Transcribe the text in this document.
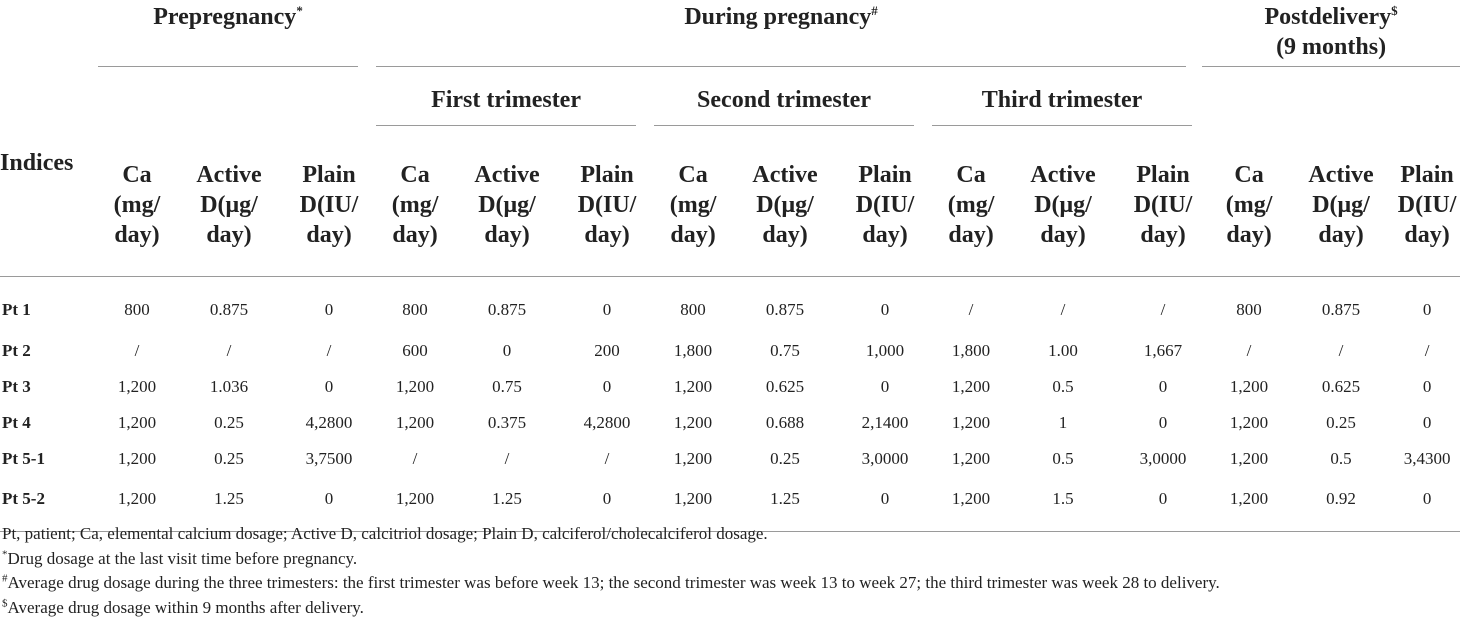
	Prepregnancy*			During pregnancy# Postdelivery$
(9 months)											

				First trimester			Second trimester			Third trimester					

Indices	Ca
(mg/
day)	Active
D(μg/
day)	Plain
D(IU/
day)	Ca
(mg/
day)	Active
D(μg/
day)	Plain
D(IU/
day)	Ca
(mg/
day)	Active
D(μg/
day)	Plain
D(IU/
day)	Ca
(mg/
day)	Active
D(μg/
day)	Plain
D(IU/
day)	Ca
(mg/
day)	Active
D(μg/
day)	Plain
D(IU/
day)

Pt 1	800	0.875	0	800	0.875	0	800	0.875	0	/	/	/	800	0.875	0
Pt 2	/	/	/	600	0	200	1,800	0.75	1,000	1,800	1.00	1,667	/	/	/
Pt 3	1,200	1.036	0	1,200	0.75	0	1,200	0.625	0	1,200	0.5	0	1,200	0.625	0
Pt 4	1,200	0.25	4,2800	1,200	0.375	4,2800	1,200	0.688	2,1400	1,200	1	0	1,200	0.25	0
Pt 5-1	1,200	0.25	3,7500	/	/	/	1,200	0.25	3,0000	1,200	0.5	3,0000	1,200	0.5	3,4300
Pt 5-2	1,200	1.25	0	1,200	1.25	0	1,200	1.25	0	1,200	1.5	0	1,200	0.92	0
Pt, patient; Ca, elemental calcium dosage; Active D, calcitriol dosage; Plain D, calciferol/cholecalciferol dosage.
*Drug dosage at the last visit time before pregnancy.
#Average drug dosage during the three trimesters: the first trimester was before week 13; the second trimester was week 13 to week 27; the third trimester was week 28 to delivery.
$Average drug dosage within 9 months after delivery.
